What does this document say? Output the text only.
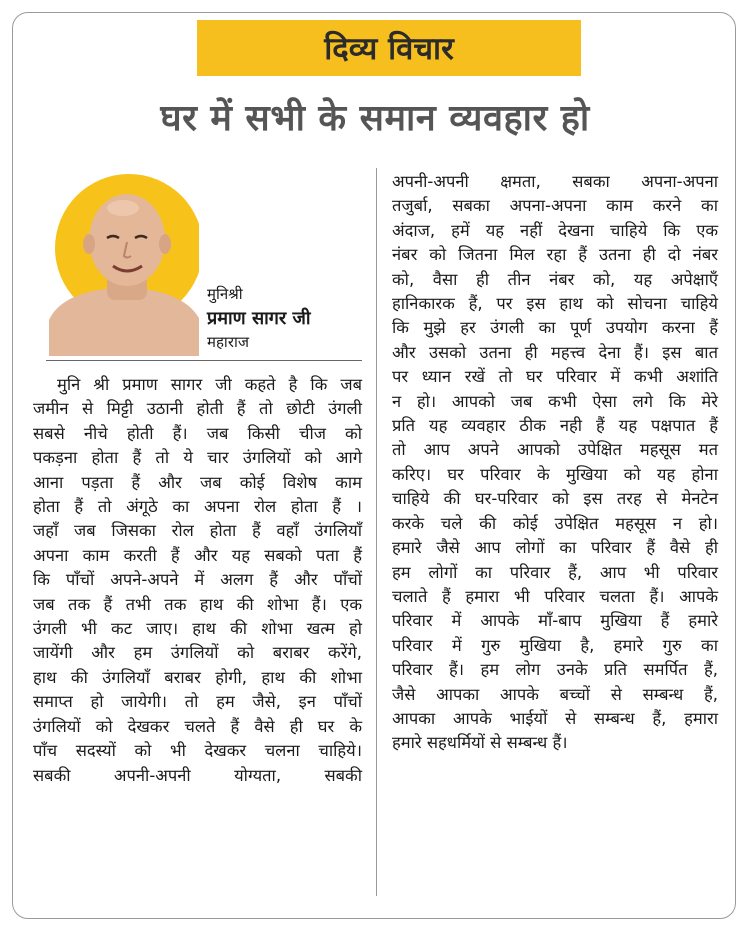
दिव्य विचार
घर में सभी के समान व्यवहार हो
मुनिश्री
प्रमाण सागर जी
महाराज
मुनि श्री प्रमाण सागर जी कहते है कि जब
जमीन से मिट्टी उठानी होती हैं तो छोटी उंगली
सबसे नीचे होती हैं। जब किसी चीज को
पकड़ना होता हैं तो ये चार उंगलियों को आगे
आना पड़ता हैं और जब कोई विशेष काम
होता हैं तो अंगूठे का अपना रोल होता हैं ।
जहाँ जब जिसका रोल होता हैं वहाँ उंगलियाँ
अपना काम करती हैं और यह सबको पता हैं
कि पाँचों अपने-अपने में अलग हैं और पाँचों
जब तक हैं तभी तक हाथ की शोभा हैं। एक
उंगली भी कट जाए। हाथ की शोभा खत्म हो
जायेंगी और हम उंगलियों को बराबर करेंगे,
हाथ की उंगलियाँ बराबर होगी, हाथ की शोभा
समाप्त हो जायेगी। तो हम जैसे, इन पाँचों
उंगलियों को देखकर चलते हैं वैसे ही घर के
पाँच सदस्यों को भी देखकर चलना चाहिये।
सबकी अपनी-अपनी योग्यता, सबकी
अपनी-अपनी क्षमता, सबका अपना-अपना
तजुर्बा, सबका अपना-अपना काम करने का
अंदाज, हमें यह नहीं देखना चाहिये कि एक
नंबर को जितना मिल रहा हैं उतना ही दो नंबर
को, वैसा ही तीन नंबर को, यह अपेक्षाएँ
हानिकारक हैं, पर इस हाथ को सोचना चाहिये
कि मुझे हर उंगली का पूर्ण उपयोग करना हैं
और उसको उतना ही महत्त्व देना हैं। इस बात
पर ध्यान रखें तो घर परिवार में कभी अशांति
न हो। आपको जब कभी ऐसा लगे कि मेरे
प्रति यह व्यवहार ठीक नही हैं यह पक्षपात हैं
तो आप अपने आपको उपेक्षित महसूस मत
करिए। घर परिवार के मुखिया को यह होना
चाहिये की घर-परिवार को इस तरह से मेनटेन
करके चले की कोई उपेक्षित महसूस न हो।
हमारे जैसे आप लोगों का परिवार हैं वैसे ही
हम लोगों का परिवार हैं, आप भी परिवार
चलाते हैं हमारा भी परिवार चलता हैं। आपके
परिवार में आपके माँ-बाप मुखिया हैं हमारे
परिवार में गुरु मुखिया है, हमारे गुरु का
परिवार हैं। हम लोग उनके प्रति समर्पित हैं,
जैसे आपका आपके बच्चों से सम्बन्ध हैं,
आपका आपके भाईयों से सम्बन्ध हैं, हमारा
हमारे सहधर्मियों से सम्बन्ध हैं।
